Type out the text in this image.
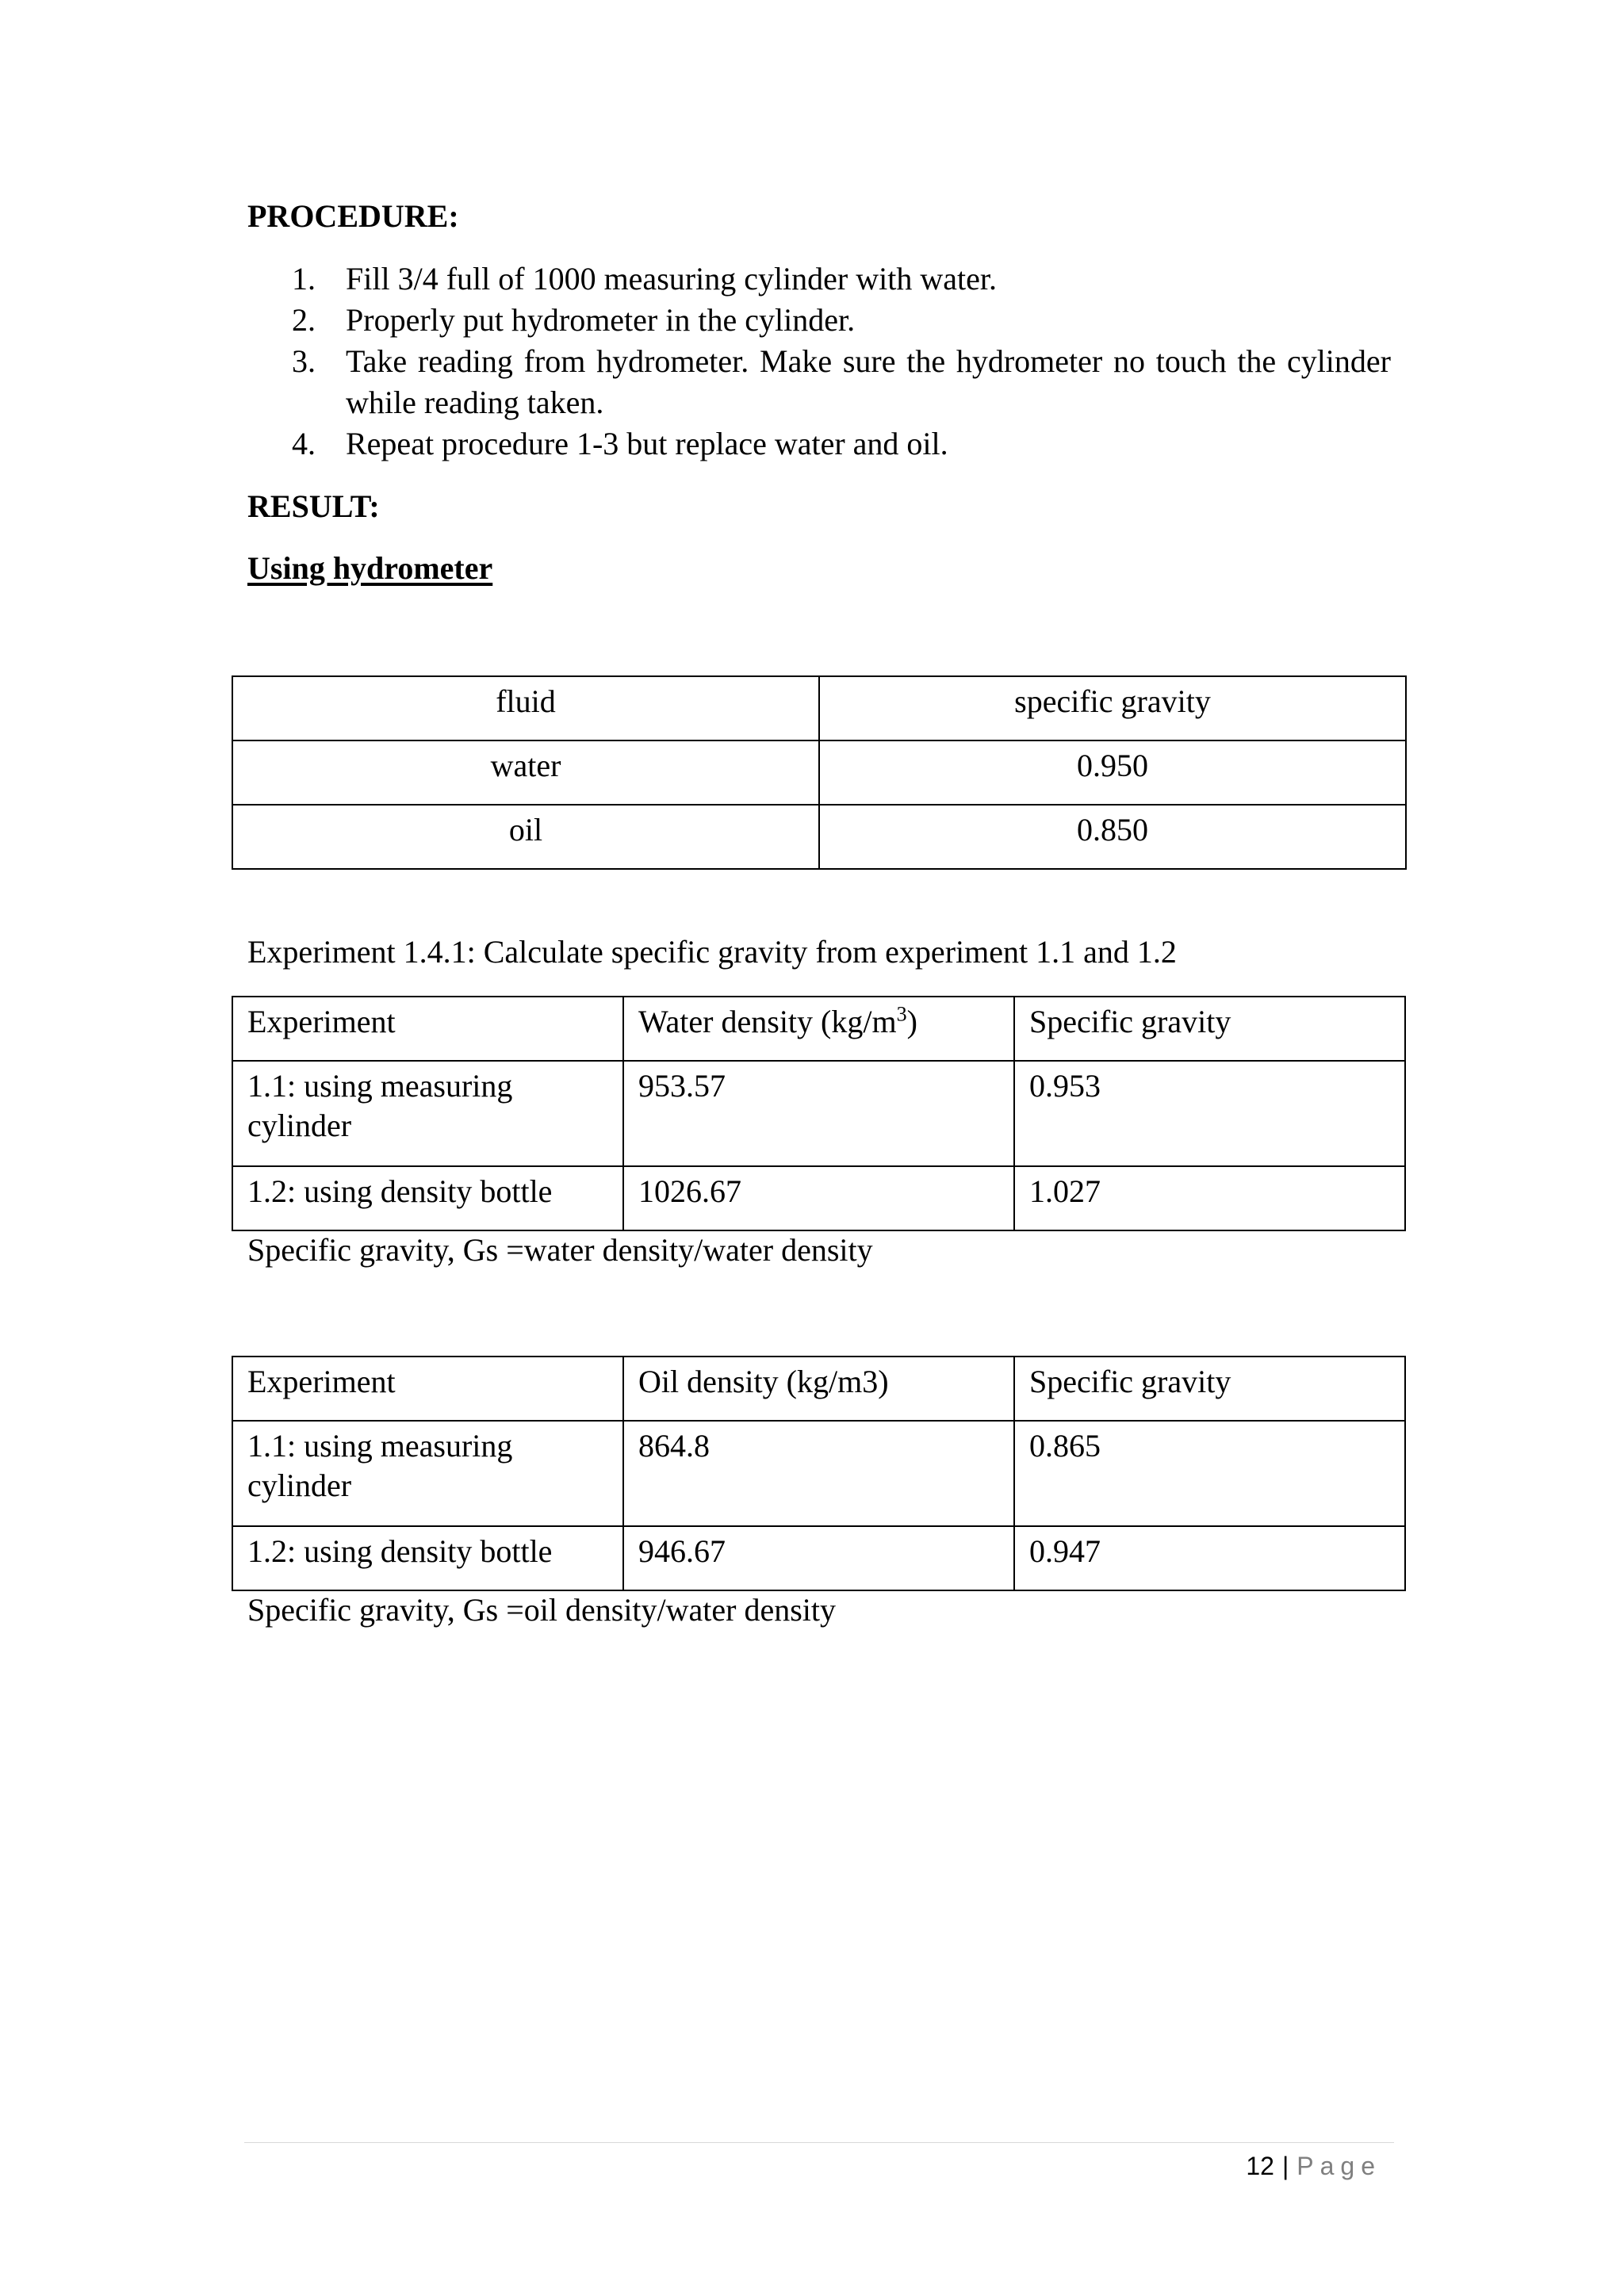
PROCEDURE:
1. Fill 3/4 full of 1000 measuring cylinder with water.
2. Properly put hydrometer in the cylinder.
3. Take reading from hydrometer. Make sure the hydrometer no touch the cylinder while reading taken.
4. Repeat procedure 1-3 but replace water and oil.
RESULT:
Using hydrometer
fluid	specific gravity
water	0.950
oil	0.850
Experiment 1.4.1: Calculate specific gravity from experiment 1.1 and 1.2
Experiment	Water density $(kg/m^3)$	Specific gravity
1.1: using measuring cylinder	953.57	0.953
1.2: using density bottle	1026.67	1.027
Specific gravity, Gs =water density/water density
Experiment	Oil density (kg/m3)	Specific gravity
1.1: using measuring cylinder	864.8	0.865
1.2: using density bottle	946.67	0.947
Specific gravity, Gs =oil density/water density
12 | Page
